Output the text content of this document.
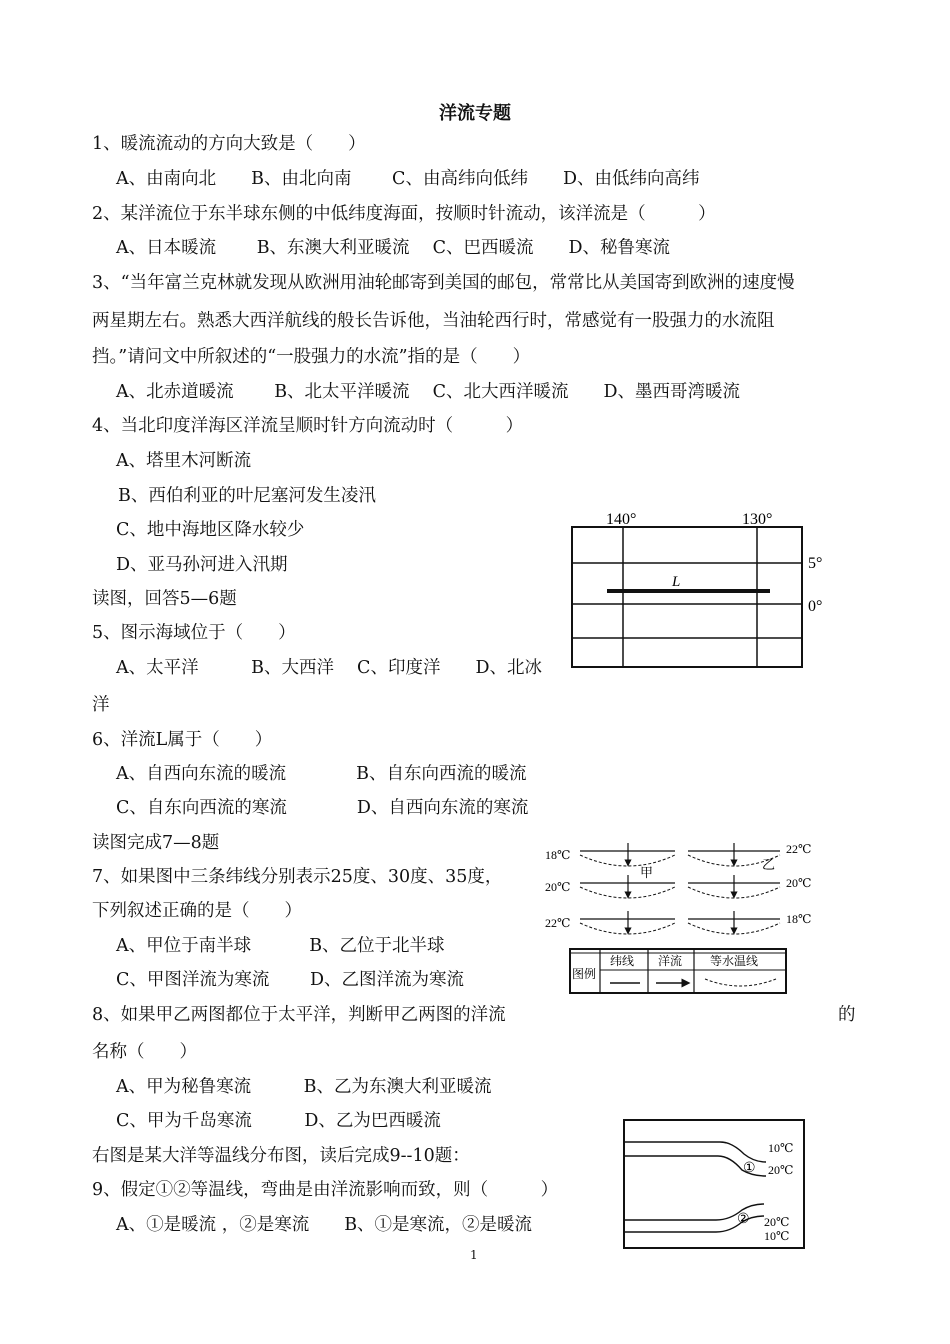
洋流专题
1、暖流流动的方向大致是（　　）
A、由南向北　　B、由北向南　　 C、由高纬向低纬　　D、由低纬向高纬
2、某洋流位于东半球东侧的中低纬度海面，按顺时针流动，该洋流是（　　　）
A、日本暖流　　 B、东澳大利亚暖流　 C、巴西暖流　　D、秘鲁寒流
3、“当年富兰克林就发现从欧洲用油轮邮寄到美国的邮包，常常比从美国寄到欧洲的速度慢
两星期左右。熟悉大西洋航线的般长告诉他，当油轮西行时，常感觉有一股强力的水流阻
挡。”请问文中所叙述的“一股强力的水流”指的是（　　）
A、北赤道暖流　　 B、北太平洋暖流　 C、北大西洋暖流　　D、墨西哥湾暖流
4、当北印度洋海区洋流呈顺时针方向流动时（　　　）
A、塔里木河断流
B、西伯利亚的叶尼塞河发生凌汛
C、地中海地区降水较少
D、亚马孙河进入汛期
读图，回答5—6题
5、图示海域位于（　　）
A、太平洋　　　B、大西洋　 C、印度洋　　D、北冰
洋
6、洋流L属于（　　）
A、自西向东流的暖流　　　　B、自东向西流的暖流
C、自东向西流的寒流　　　　D、自西向东流的寒流
读图完成7—8题
7、如果图中三条纬线分别表示25度、30度、35度，
下列叙述正确的是（　　）
A、甲位于南半球　　　 B、乙位于北半球
C、甲图洋流为寒流　　 D、乙图洋流为寒流
8、如果甲乙两图都位于太平洋，判断甲乙两图的洋流	的
名称（　　）
A、甲为秘鲁寒流　　　B、乙为东澳大利亚暖流
C、甲为千岛寒流　　　D、乙为巴西暖流
右图是某大洋等温线分布图，读后完成9--10题：
9、假定①②等温线，弯曲是由洋流影响而致，则（　　　）
A、①是暖流 ，②是寒流　　B、①是寒流，②是暖流
140°	130°
5°
0°
L
18℃
20℃
22℃
甲
22℃
20℃
18℃
乙
图例
纬线 洋流 等水温线
10℃
20℃
20℃
10℃
①
②
1
